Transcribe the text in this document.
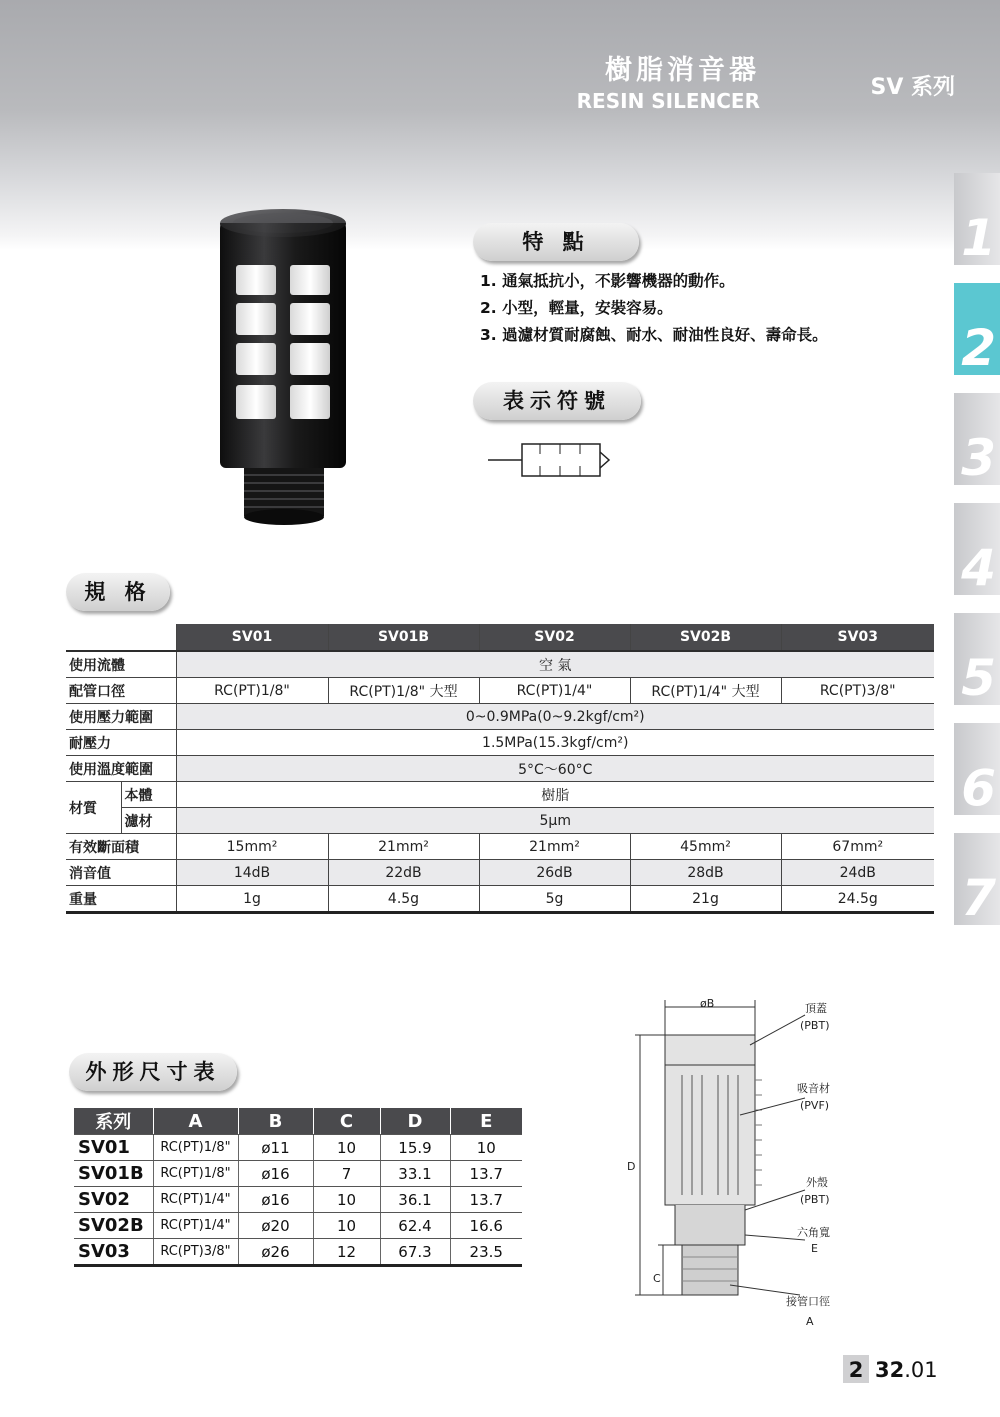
樹脂消音器
RESIN SILENCER
SV 系列
1
2
3
4
5
6
7
特 點
1. 通氣抵抗小，不影響機器的動作。
2. 小型，輕量，安裝容易。
3. 過濾材質耐腐蝕、耐水、耐油性良好、壽命長。
表示符號
規 格
系列		SV01	SV01B	SV02	SV02B	SV03
使用流體		空 氣				
配管口徑		RC(PT)1/8"	RC(PT)1/8" 大型	RC(PT)1/4"	RC(PT)1/4" 大型	RC(PT)3/8"
使用壓力範圍		0~0.9MPa(0~9.2kgf/cm²)				
耐壓力		1.5MPa(15.3kgf/cm²)				
使用溫度範圍		5°C～60°C				
材質	本體	樹脂				
	濾材	5μm				
有效斷面積		15mm²	21mm²	21mm²	45mm²	67mm²
消音值		14dB	22dB	26dB	28dB	24dB
重量		1g	4.5g	5g	21g	24.5g
外形尺寸表
系列	A	B	C	D	E
SV01	RC(PT)1/8"	ø11	10	15.9	10
SV01B	RC(PT)1/8"	ø16	7	33.1	13.7
SV02	RC(PT)1/4"	ø16	10	36.1	13.7
SV02B	RC(PT)1/4"	ø20	10	62.4	16.6
SV03	RC(PT)3/8"	ø26	12	67.3	23.5
øB
D
C
頂蓋
(PBT)
吸音材
(PVF)
外殼
(PBT)
六角寬
E
接管口徑
A
2 32.01
